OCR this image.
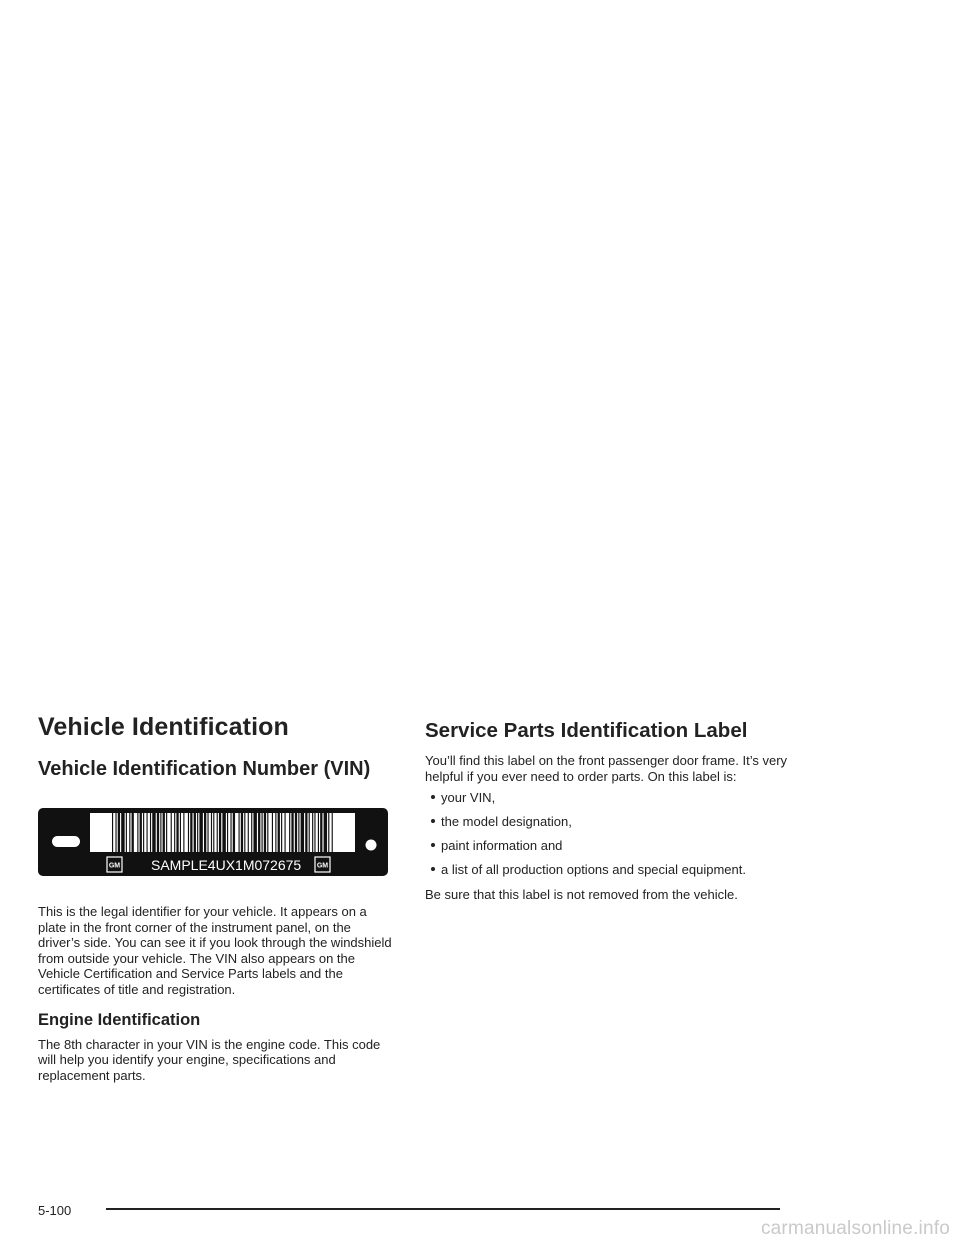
Vehicle Identification
Vehicle Identification Number (VIN)
GM SAMPLE4UX1M072675 GM

This is the legal identifier for your vehicle. It appears on a plate in the front corner of the instrument panel, on the driver’s side. You can see it if you look through the windshield from outside your vehicle. The VIN also appears on the Vehicle Certification and Service Parts labels and the certificates of title and registration.

Engine Identification

The 8th character in your VIN is the engine code. This code will help you identify your engine, specifications and replacement parts.

Service Parts Identification Label

You’ll find this label on the front passenger door frame. It’s very helpful if you ever need to order parts. On this label is:

your VIN,
the model designation,
paint information and
a list of all production options and special equipment.

Be sure that this label is not removed from the vehicle.

5-100
carmanualsonline.info
